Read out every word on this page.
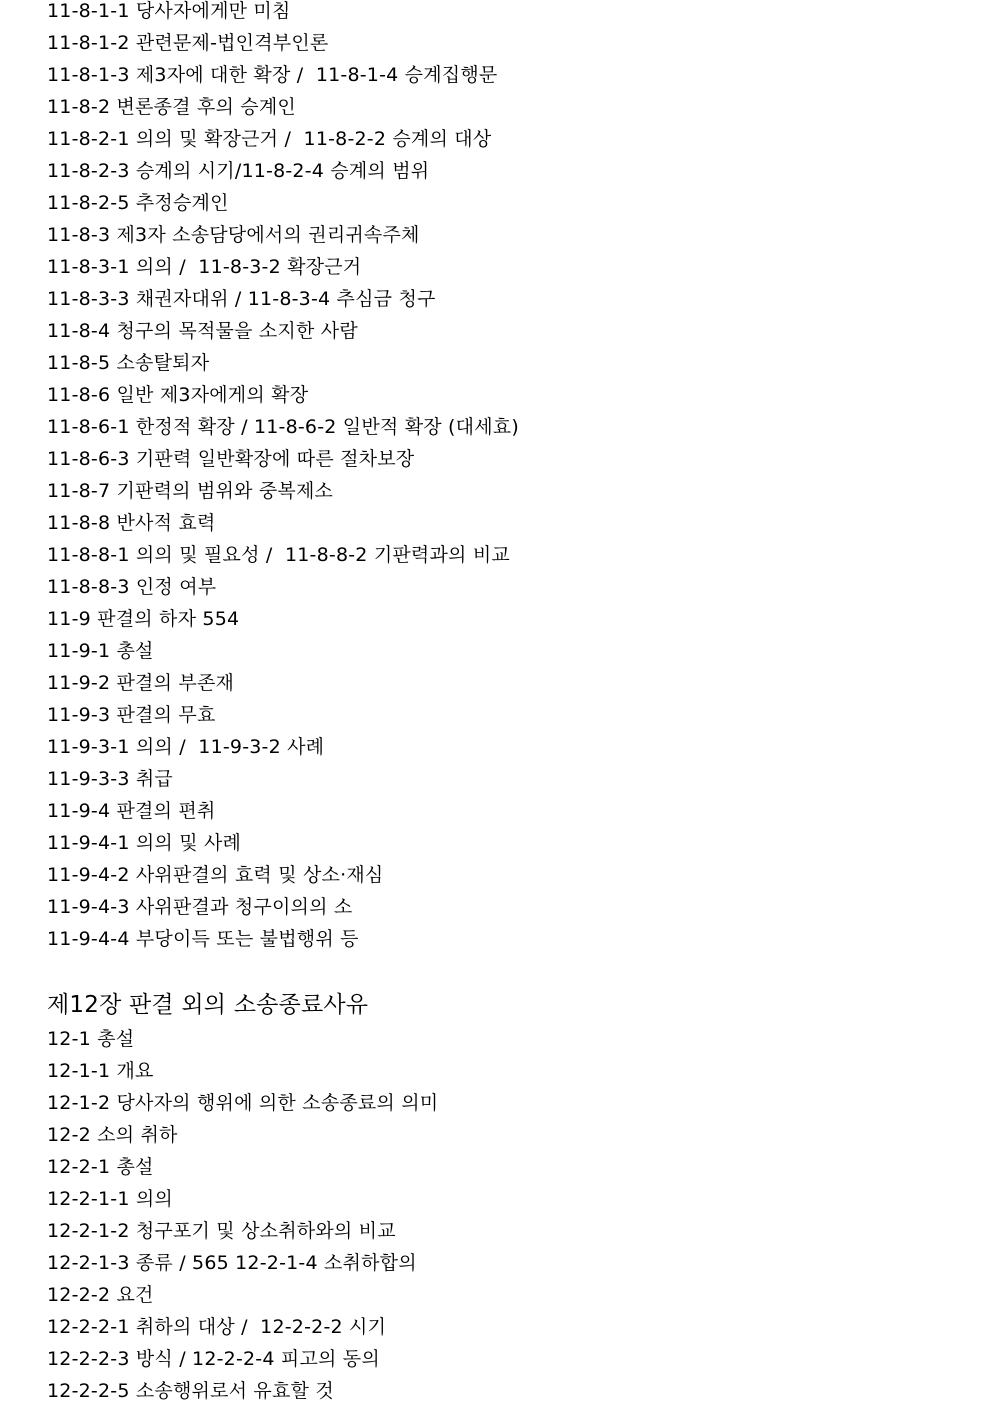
11-8-1-1 당사자에게만 미침
11-8-1-2 관련문제-법인격부인론
11-8-1-3 제3자에 대한 확장 /  11-8-1-4 승계집행문
11-8-2 변론종결 후의 승계인
11-8-2-1 의의 및 확장근거 /  11-8-2-2 승계의 대상
11-8-2-3 승계의 시기/11-8-2-4 승계의 범위
11-8-2-5 추정승계인
11-8-3 제3자 소송담당에서의 권리귀속주체
11-8-3-1 의의 /  11-8-3-2 확장근거
11-8-3-3 채권자대위 / 11-8-3-4 추심금 청구
11-8-4 청구의 목적물을 소지한 사람
11-8-5 소송탈퇴자
11-8-6 일반 제3자에게의 확장
11-8-6-1 한정적 확장 / 11-8-6-2 일반적 확장 (대세효)
11-8-6-3 기판력 일반확장에 따른 절차보장
11-8-7 기판력의 범위와 중복제소
11-8-8 반사적 효력
11-8-8-1 의의 및 필요성 /  11-8-8-2 기판력과의 비교
11-8-8-3 인정 여부
11-9 판결의 하자 554
11-9-1 총설
11-9-2 판결의 부존재
11-9-3 판결의 무효
11-9-3-1 의의 /  11-9-3-2 사례
11-9-3-3 취급
11-9-4 판결의 편취
11-9-4-1 의의 및 사례
11-9-4-2 사위판결의 효력 및 상소·재심
11-9-4-3 사위판결과 청구이의의 소
11-9-4-4 부당이득 또는 불법행위 등
제12장 판결 외의 소송종료사유
12-1 총설
12-1-1 개요
12-1-2 당사자의 행위에 의한 소송종료의 의미
12-2 소의 취하
12-2-1 총설
12-2-1-1 의의
12-2-1-2 청구포기 및 상소취하와의 비교
12-2-1-3 종류 / 565 12-2-1-4 소취하합의
12-2-2 요건
12-2-2-1 취하의 대상 /  12-2-2-2 시기
12-2-2-3 방식 / 12-2-2-4 피고의 동의
12-2-2-5 소송행위로서 유효할 것
